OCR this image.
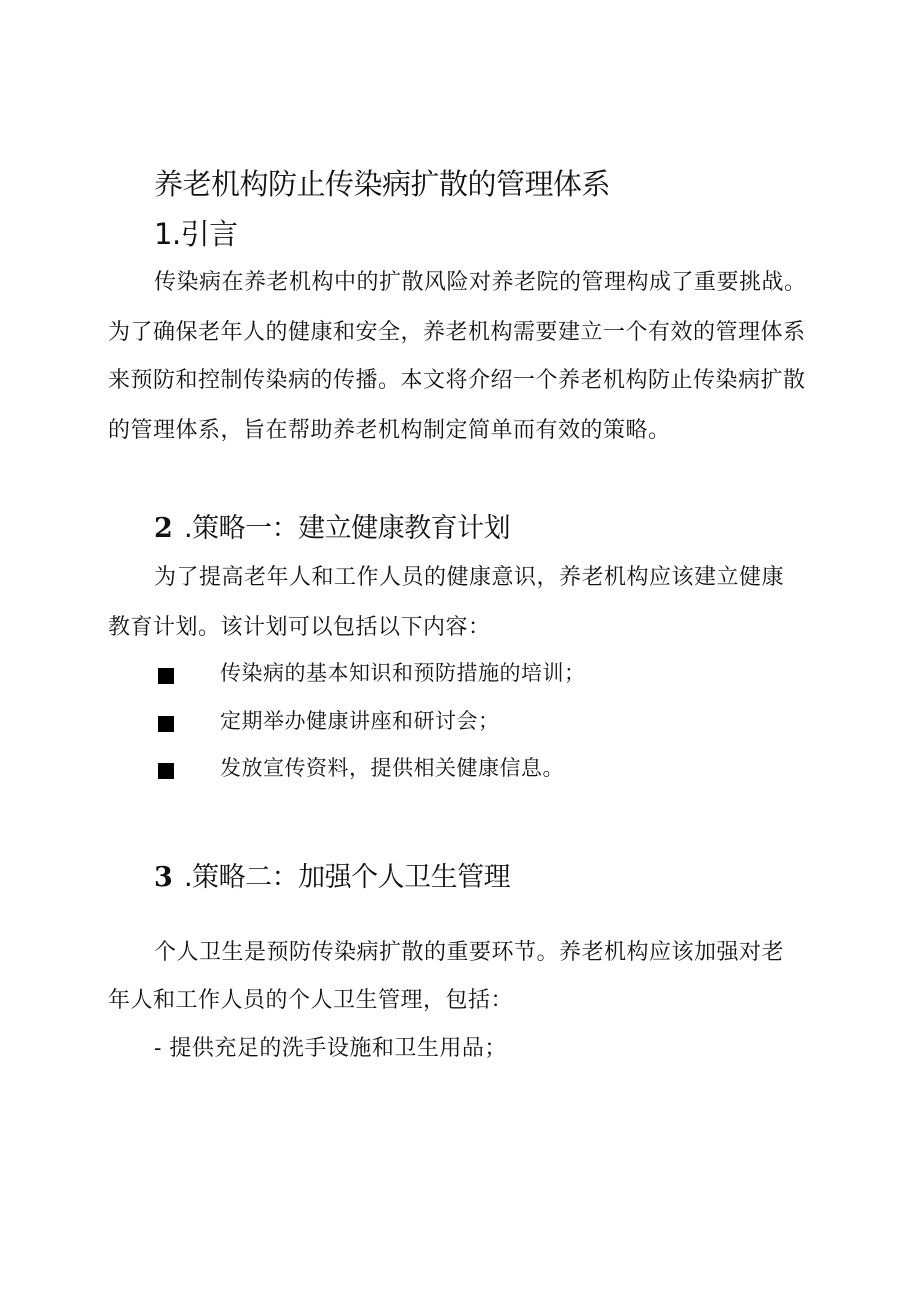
养老机构防止传染病扩散的管理体系
1.引言
传染病在养老机构中的扩散风险对养老院的管理构成了重要挑战。
为了确保老年人的健康和安全，养老机构需要建立一个有效的管理体系
来预防和控制传染病的传播。本文将介绍一个养老机构防止传染病扩散
的管理体系，旨在帮助养老机构制定简单而有效的策略。
2 .策略一：建立健康教育计划
为了提高老年人和工作人员的健康意识，养老机构应该建立健康
教育计划。该计划可以包括以下内容：
传染病的基本知识和预防措施的培训；
定期举办健康讲座和研讨会；
发放宣传资料，提供相关健康信息。
3 .策略二：加强个人卫生管理
个人卫生是预防传染病扩散的重要环节。养老机构应该加强对老
年人和工作人员的个人卫生管理，包括：
- 提供充足的洗手设施和卫生用品；
